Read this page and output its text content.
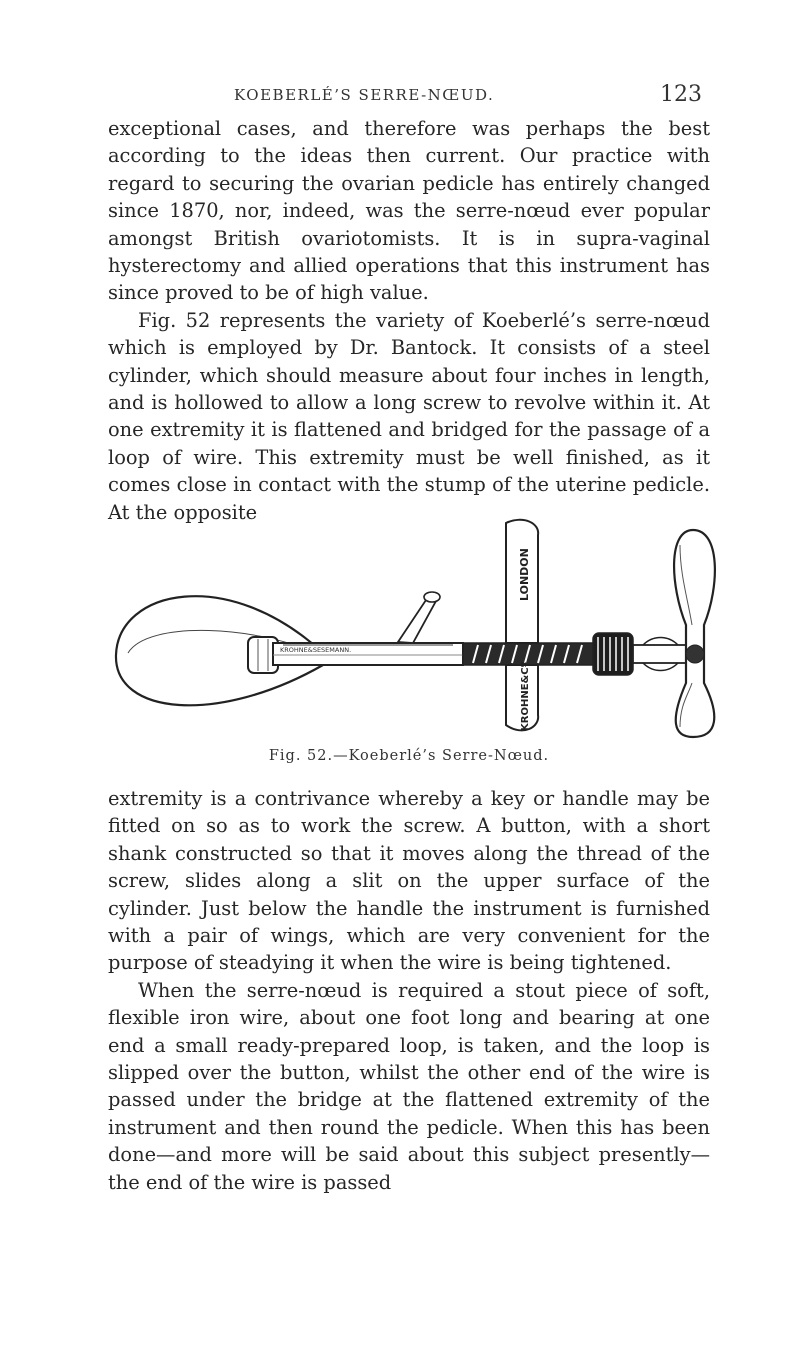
KOEBERLÉ’S SERRE-NŒUD.	123

exceptional cases, and therefore was perhaps the best according to the ideas then current. Our practice with regard to securing the ovarian pedicle has entirely changed since 1870, nor, indeed, was the serre-nœud ever popular amongst British ovariotomists. It is in supra-vaginal hysterectomy and allied operations that this instrument has since proved to be of high value.

Fig. 52 represents the variety of Koeberlé’s serre-nœud which is employed by Dr. Bantock. It consists of a steel cylinder, which should measure about four inches in length, and is hollowed to allow a long screw to revolve within it. At one extremity it is flattened and bridged for the passage of a loop of wire. This extremity must be well finished, as it comes close in contact with the stump of the uterine pedicle. At the opposite

KROHNE&SESEMANN.
LONDON
KROHNE&Cº
Fig. 52.—Koeberlé’s Serre-Nœud.

extremity is a contrivance whereby a key or handle may be fitted on so as to work the screw. A button, with a short shank constructed so that it moves along the thread of the screw, slides along a slit on the upper surface of the cylinder. Just below the handle the instrument is furnished with a pair of wings, which are very convenient for the purpose of steadying it when the wire is being tightened.

When the serre-nœud is required a stout piece of soft, flexible iron wire, about one foot long and bearing at one end a small ready-prepared loop, is taken, and the loop is slipped over the button, whilst the other end of the wire is passed under the bridge at the flattened extremity of the instrument and then round the pedicle. When this has been done—and more will be said about this subject presently—the end of the wire is passed
